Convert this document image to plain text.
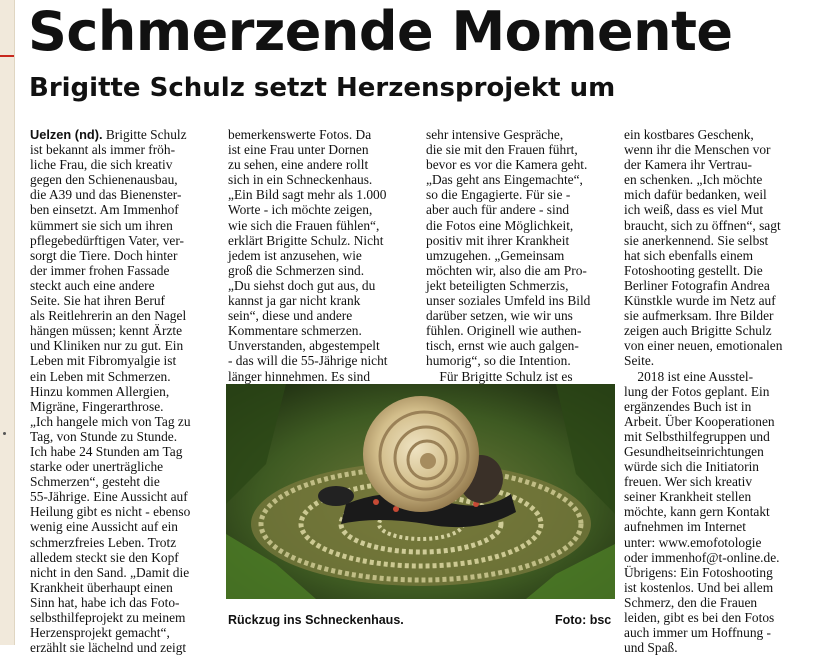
Schmerzende Momente
Brigitte Schulz setzt Herzensprojekt um
Uelzen (nd). Brigitte Schulz
ist bekannt als immer fröh-
liche Frau, die sich kreativ
gegen den Schienenausbau,
die A39 und das Bienenster-
ben einsetzt. Am Immenhof
kümmert sie sich um ihren
pflegebedürftigen Vater, ver-
sorgt die Tiere. Doch hinter
der immer frohen Fassade
steckt auch eine andere
Seite. Sie hat ihren Beruf
als Reitlehrerin an den Nagel
hängen müssen; kennt Ärzte
und Kliniken nur zu gut. Ein
Leben mit Fibromyalgie ist
ein Leben mit Schmerzen.
Hinzu kommen Allergien,
Migräne, Fingerarthrose.
„Ich hangele mich von Tag zu
Tag, von Stunde zu Stunde.
Ich habe 24 Stunden am Tag
starke oder unerträgliche
Schmerzen“, gesteht die
55-Jährige. Eine Aussicht auf
Heilung gibt es nicht - ebenso
wenig eine Aussicht auf ein
schmerzfreies Leben. Trotz
alledem steckt sie den Kopf
nicht in den Sand. „Damit die
Krankheit überhaupt einen
Sinn hat, habe ich das Foto-
selbsthilfeprojekt zu meinem
Herzensprojekt gemacht“,
erzählt sie lächelnd und zeigt
bemerkenswerte Fotos. Da
ist eine Frau unter Dornen
zu sehen, eine andere rollt
sich in ein Schneckenhaus.
„Ein Bild sagt mehr als 1.000
Worte - ich möchte zeigen,
wie sich die Frauen fühlen“,
erklärt Brigitte Schulz. Nicht
jedem ist anzusehen, wie
groß die Schmerzen sind.
„Du siehst doch gut aus, du
kannst ja gar nicht krank
sein“, diese und andere
Kommentare schmerzen.
Unverstanden, abgestempelt
- das will die 55-Jährige nicht
länger hinnehmen. Es sind
sehr intensive Gespräche,
die sie mit den Frauen führt,
bevor es vor die Kamera geht.
„Das geht ans Eingemachte“,
so die Engagierte. Für sie -
aber auch für andere - sind
die Fotos eine Möglichkeit,
positiv mit ihrer Krankheit
umzugehen. „Gemeinsam
möchten wir, also die am Pro-
jekt beteiligten Schmerzis,
unser soziales Umfeld ins Bild
darüber setzen, wie wir uns
fühlen. Originell wie authen-
tisch, ernst wie auch galgen-
humorig“, so die Intention.
Für Brigitte Schulz ist es
ein kostbares Geschenk,
wenn ihr die Menschen vor
der Kamera ihr Vertrau-
en schenken. „Ich möchte
mich dafür bedanken, weil
ich weiß, dass es viel Mut
braucht, sich zu öffnen“, sagt
sie anerkennend. Sie selbst
hat sich ebenfalls einem
Fotoshooting gestellt. Die
Berliner Fotografin Andrea
Künstkle wurde im Netz auf
sie aufmerksam. Ihre Bilder
zeigen auch Brigitte Schulz
von einer neuen, emotionalen
Seite.
2018 ist eine Ausstel-
lung der Fotos geplant. Ein
ergänzendes Buch ist in
Arbeit. Über Kooperationen
mit Selbsthilfegruppen und
Gesundheitseinrichtungen
würde sich die Initiatorin
freuen. Wer sich kreativ
seiner Krankheit stellen
möchte, kann gern Kontakt
aufnehmen im Internet
unter: www.emofotologie
oder immenhof@t-online.de.
Übrigens: Ein Fotoshooting
ist kostenlos. Und bei allem
Schmerz, den die Frauen
leiden, gibt es bei den Fotos
auch immer um Hoffnung -
und Spaß.

Rückzug ins Schneckenhaus.	Foto: bsc
